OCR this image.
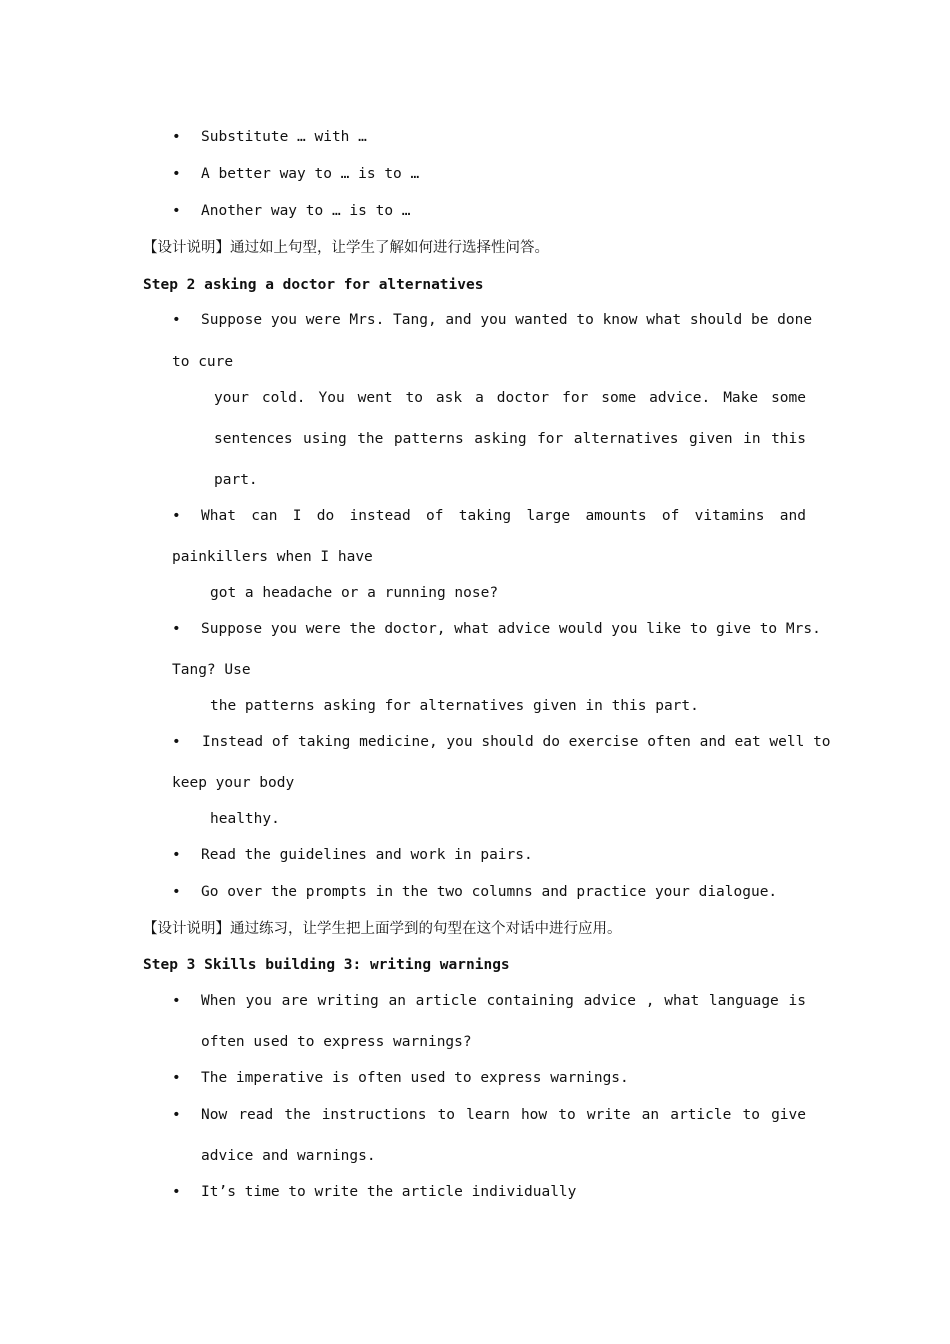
• Substitute … with …
• A better way to … is to …
• Another way to … is to …
【设计说明】通过如上句型，让学生了解如何进行选择性问答。
Step 2 asking a doctor for alternatives
• Suppose you were Mrs. Tang, and you wanted to know what should be done
to cure
your cold. You went to ask a doctor for some advice. Make some
sentences using the patterns asking for alternatives given in this
part.
• What can I do instead of taking large amounts of vitamins and
painkillers when I have
got a headache or a running nose?
• Suppose you were the doctor, what advice would you like to give to Mrs.
Tang? Use
the patterns asking for alternatives given in this part.
• Instead of taking medicine, you should do exercise often and eat well to
keep your body
healthy.
• Read the guidelines and work in pairs.
• Go over the prompts in the two columns and practice your dialogue.
【设计说明】通过练习，让学生把上面学到的句型在这个对话中进行应用。
Step 3 Skills building 3: writing warnings
• When you are writing an article containing advice , what language is
often used to express warnings?
• The imperative is often used to express warnings.
• Now read the instructions to learn how to write an article to give
advice and warnings.
• It’s time to write the article individually
